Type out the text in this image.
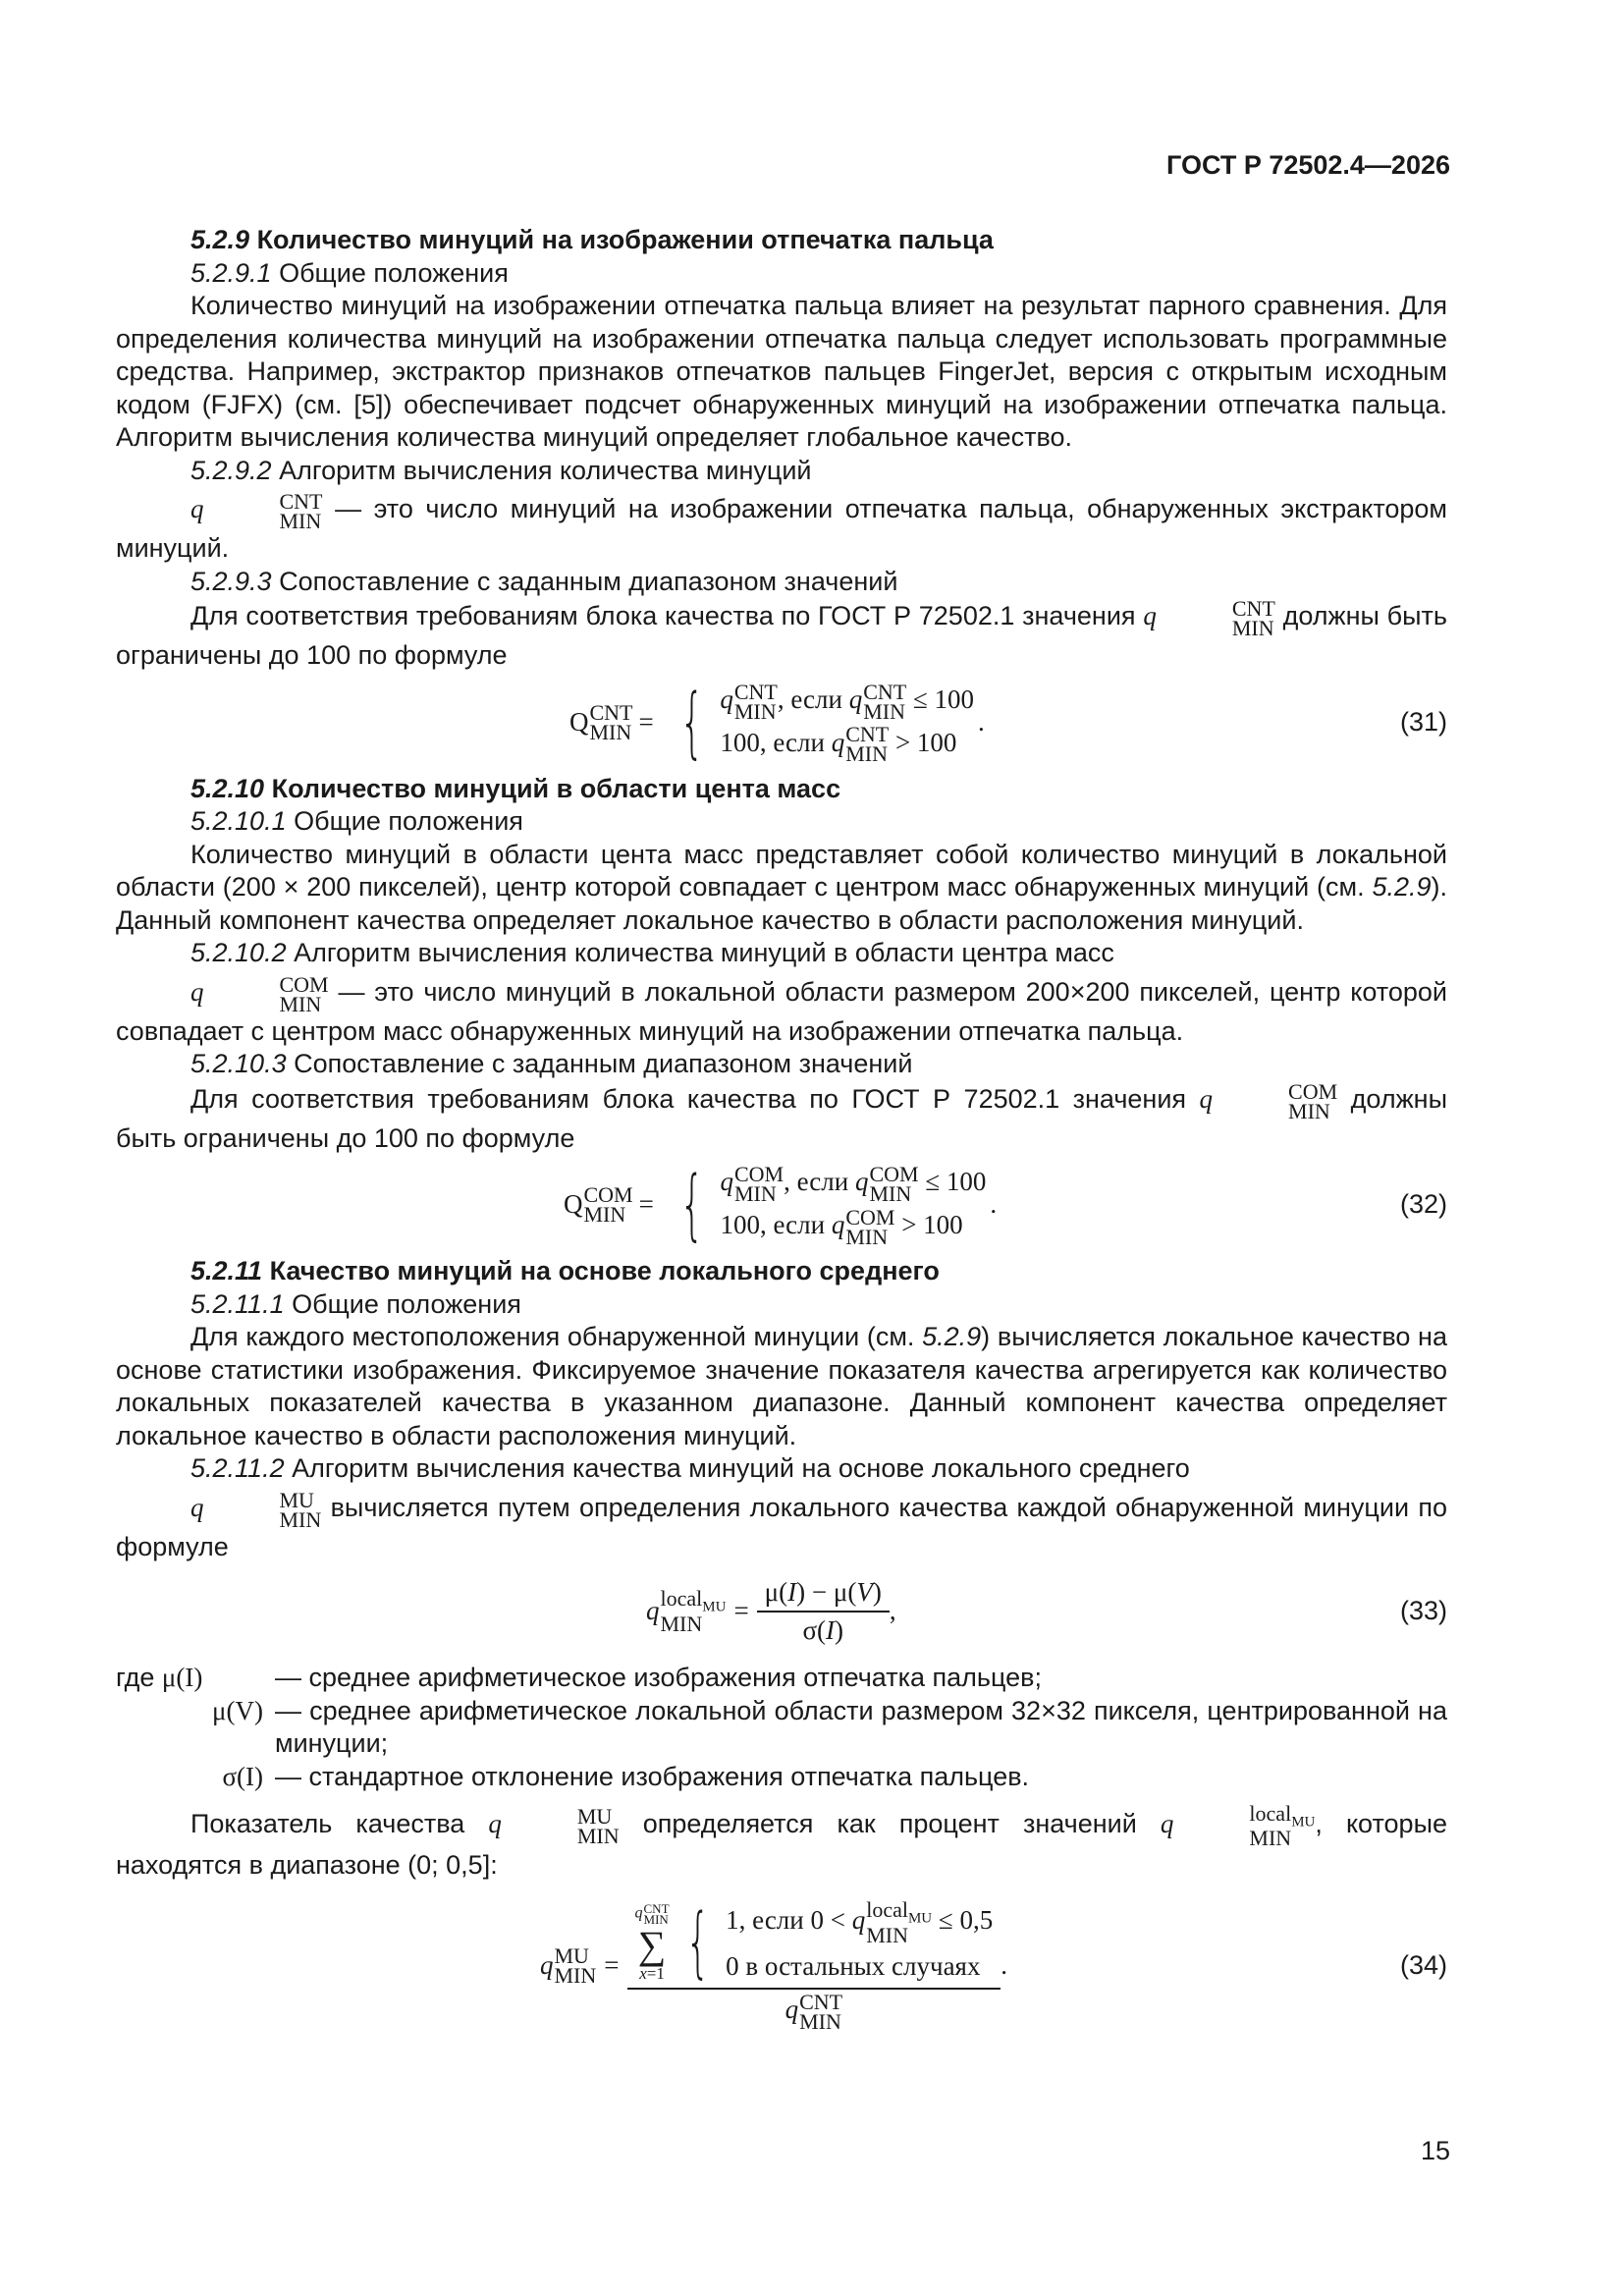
ГОСТ Р 72502.4—2026

5.2.9 Количество минуций на изображении отпечатка пальца

5.2.9.1 Общие положения

Количество минуций на изображении отпечатка пальца влияет на результат парного сравнения. Для определения количества минуций на изображении отпечатка пальца следует использовать программные средства. Например, экстрактор признаков отпечатков пальцев FingerJet, версия с открытым исходным кодом (FJFX) (см. [5]) обеспечивает подсчет обнаруженных минуций на изображении отпечатка пальца. Алгоритм вычисления количества минуций определяет глобальное качество.

5.2.9.2 Алгоритм вычисления количества минуций

q	CNT
MIN — это число минуций на изображении отпечатка пальца, обнаруженных экстрактором минуций.

5.2.9.3 Сопоставление с заданным диапазоном значений

Для соответствия требованиям блока качества по ГОСТ Р 72502.1 значения q	CNT
MIN должны быть ограничены до 100 по формуле

Q CNT
MIN = { q CNT
MIN , если q CNT
MIN ≤ 100
100, если q CNT
MIN > 100
.	(31)

5.2.10 Количество минуций в области цента масс

5.2.10.1 Общие положения

Количество минуций в области цента масс представляет собой количество минуций в локальной области (200 × 200 пикселей), центр которой совпадает с центром масс обнаруженных минуций (см. 5.2.9). Данный компонент качества определяет локальное качество в области расположения минуций.

5.2.10.2 Алгоритм вычисления количества минуций в области центра масс

q	COM
MIN — это число минуций в локальной области размером 200×200 пикселей, центр которой совпадает с центром масс обнаруженных минуций на изображении отпечатка пальца.

5.2.10.3 Сопоставление с заданным диапазоном значений

Для соответствия требованиям блока качества по ГОСТ Р 72502.1 значения q	COM
MIN должны быть ограничены до 100 по формуле

Q COM
MIN = { q COM
MIN , если q COM
MIN ≤ 100
100, если q COM
MIN > 100
.	(32)

5.2.11 Качество минуций на основе локального среднего

5.2.11.1 Общие положения

Для каждого местоположения обнаруженной минуции (см. 5.2.9) вычисляется локальное качество на основе статистики изображения. Фиксируемое значение показателя качества агрегируется как количество локальных показателей качества в указанном диапазоне. Данный компонент качества определяет локальное качество в области расположения минуций.

5.2.11.2 Алгоритм вычисления качества минуций на основе локального среднего

q	MU
MIN вычисляется путем определения локального качества каждой обнаруженной минуции по формуле

q local$_{MU}$
MIN	= $\frac{\mu(I) - \mu(V)}{\sigma(I)}$ ,	(33)
где μ(I)	— среднее арифметическое изображения отпечатка пальцев;
μ(V) — среднее арифметическое локальной области размером 32×32 пикселя, центрированной на минуции;
σ(I) — стандартное отклонение изображения отпечатка пальцев.

Показатель качества q	MU
MIN определяется как процент значений q	local$_{MU}$
MIN , которые находятся в диапазоне (0; 0,5]:

q MU
MIN =
q CNT
MIN
∑
x=1 { 1, если 0 < q local$_{MU}$
MIN	≤ 0,5
0 в остальных случаях
q CNT
MIN
.	(34)
15
